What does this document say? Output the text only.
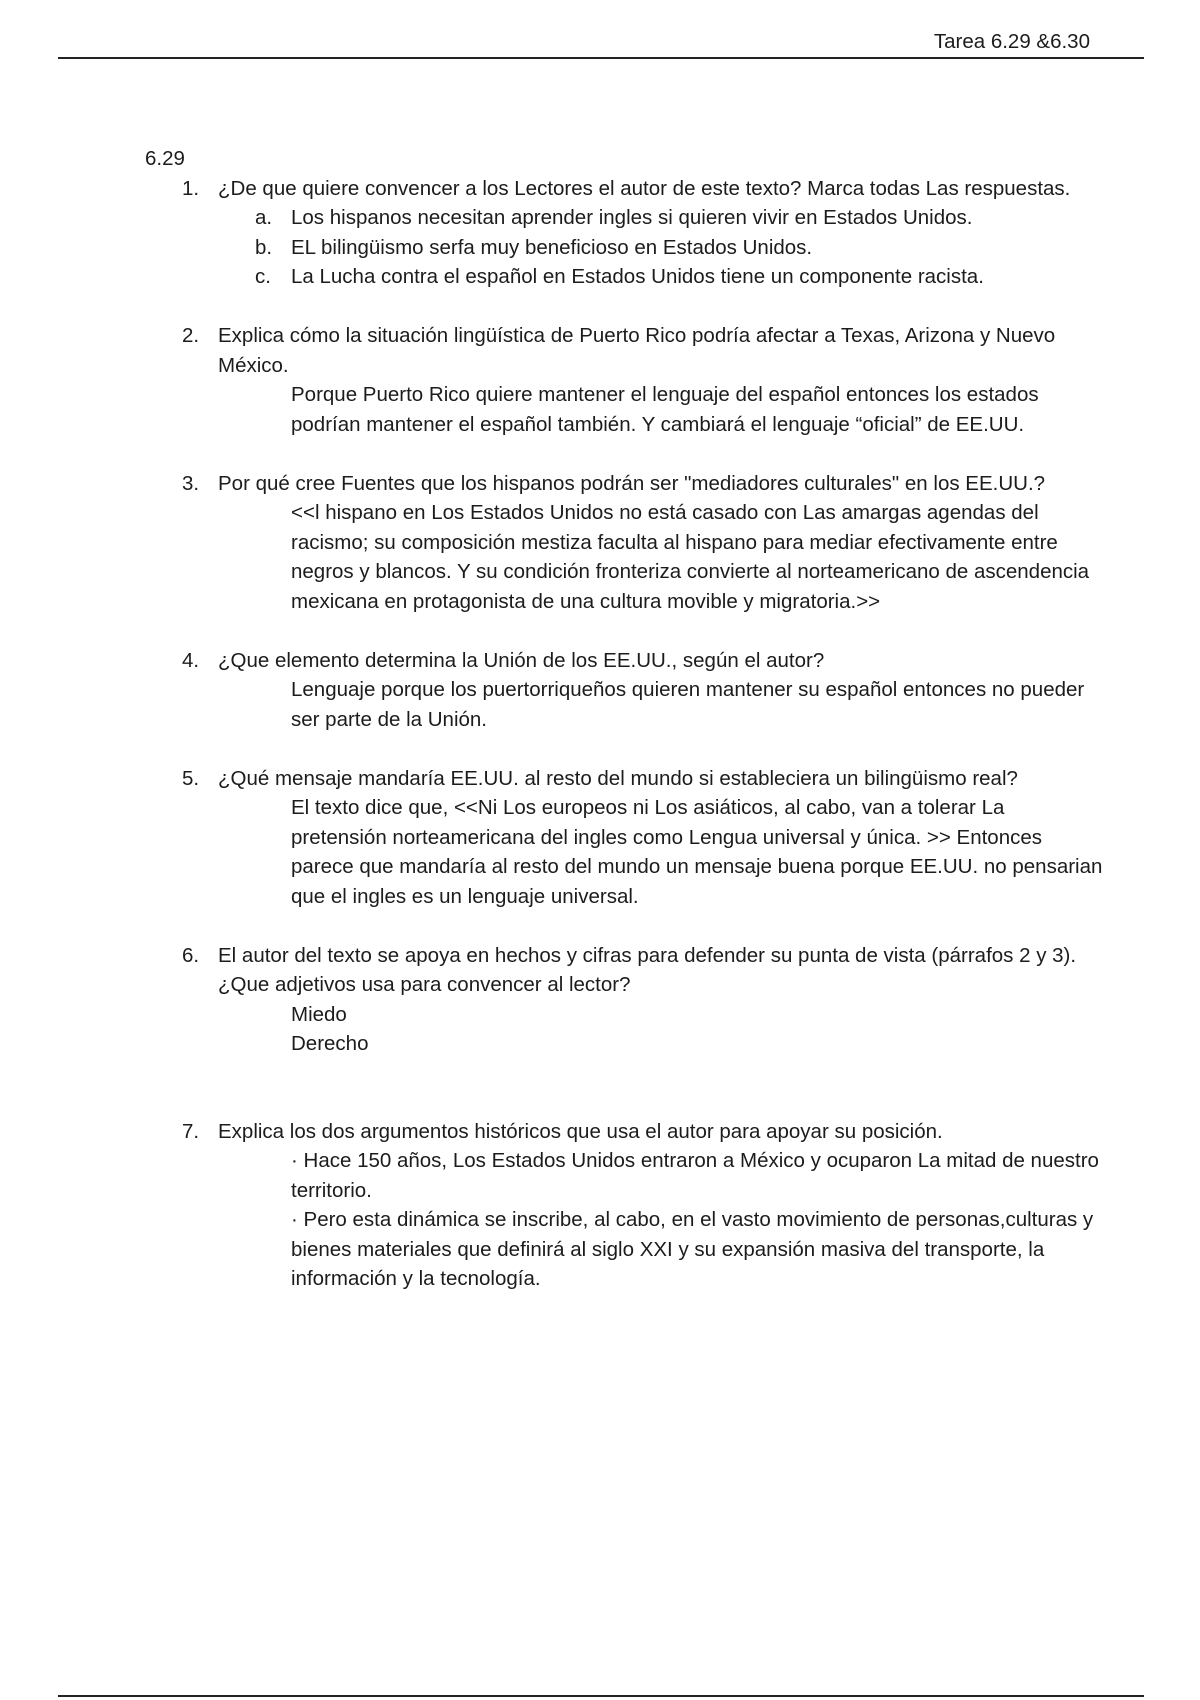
Tarea 6.29 &6.30

6.29

1. ¿De que quiere convencer a los Lectores el autor de este texto? Marca todas Las respuestas.

a. Los hispanos necesitan aprender ingles si quieren vivir en Estados Unidos.
b. EL bilingüismo serfa muy beneficioso en Estados Unidos.
c. La Lucha contra el español en Estados Unidos tiene un componente racista.
2. Explica cómo la situación lingüística de Puerto Rico podría afectar a Texas, Arizona y Nuevo México.

Porque Puerto Rico quiere mantener el lenguaje del español entonces los estados podrían mantener el español también. Y cambiará el lenguaje “oficial” de EE.UU.

3. Por qué cree Fuentes que los hispanos podrán ser "mediadores culturales" en los EE.UU.?

<<l hispano en Los Estados Unidos no está casado con Las amargas agendas del racismo; su composición mestiza faculta al hispano para mediar efectivamente entre negros y blancos. Y su condición fronteriza convierte al norteamericano de ascendencia mexicana en protagonista de una cultura movible y migratoria.>>

4. ¿Que elemento determina la Unión de los EE.UU., según el autor?

Lenguaje porque los puertorriqueños quieren mantener su español entonces no pueder ser parte de la Unión.

5. ¿Qué mensaje mandaría EE.UU. al resto del mundo si estableciera un bilingüismo real?

El texto dice que, <<Ni Los europeos ni Los asiáticos, al cabo, van a tolerar La pretensión norteamericana del ingles como Lengua universal y única. >> Entonces parece que mandaría al resto del mundo un mensaje buena porque EE.UU. no pensarian que el ingles es un lenguaje universal.

6. El autor del texto se apoya en hechos y cifras para defender su punta de vista (párrafos 2 y 3). ¿Que adjetivos usa para convencer al lector?

Miedo
Derecho

7. Explica los dos argumentos históricos que usa el autor para apoyar su posición.

· Hace 150 años, Los Estados Unidos entraron a México y ocuparon La mitad de nuestro territorio.
· Pero esta dinámica se inscribe, al cabo, en el vasto movimiento de personas,culturas y bienes materiales que definirá al siglo XXI y su expansión masiva del transporte, la información y la tecnología.
